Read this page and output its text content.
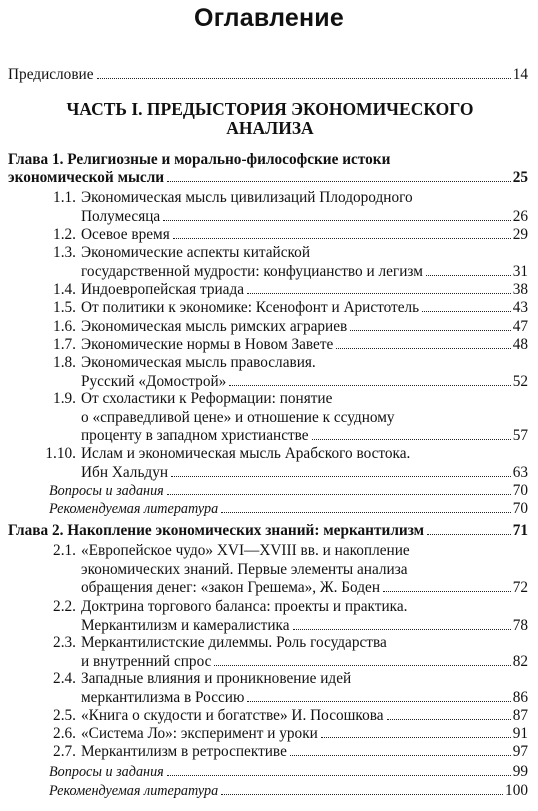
Оглавление
Предисловие	14
ЧАСТЬ I. ПРЕДЫСТОРИЯ ЭКОНОМИЧЕСКОГО
АНАЛИЗА
Глава 1. Религиозные и морально-философские истоки
экономической мысли	25
1.1. Экономическая мысль цивилизаций Плодородного
Полумесяца	26
1.2. Осевое время	29
1.3. Экономические аспекты китайской
государственной мудрости: конфуцианство и легизм	31
1.4. Индоевропейская триада	38
1.5. От политики к экономике: Ксенофонт и Аристотель	43
1.6. Экономическая мысль римских аграриев	47
1.7. Экономические нормы в Новом Завете	48
1.8. Экономическая мысль православия.
Русский «Домострой»	52
1.9. От схоластики к Реформации: понятие
о «справедливой цене» и отношение к ссудному
проценту в западном христианстве	57
1.10. Ислам и экономическая мысль Арабского востока.
Ибн Хальдун	63
Вопросы и задания	70
Рекомендуемая литература	70
Глава 2. Накопление экономических знаний: меркантилизм	71
2.1. «Европейское чудо» XVI—XVIII вв. и накопление
экономических знаний. Первые элементы анализа
обращения денег: «закон Грешема», Ж. Боден	72
2.2. Доктрина торгового баланса: проекты и практика.
Меркантилизм и камералистика	78
2.3. Меркантилистские дилеммы. Роль государства
и внутренний спрос	82
2.4. Западные влияния и проникновение идей
меркантилизма в Россию	86
2.5. «Книга о скудости и богатстве» И. Посошкова	87
2.6. «Система Ло»: эксперимент и уроки	91
2.7. Меркантилизм в ретроспективе	97
Вопросы и задания	99
Рекомендуемая литература	100
